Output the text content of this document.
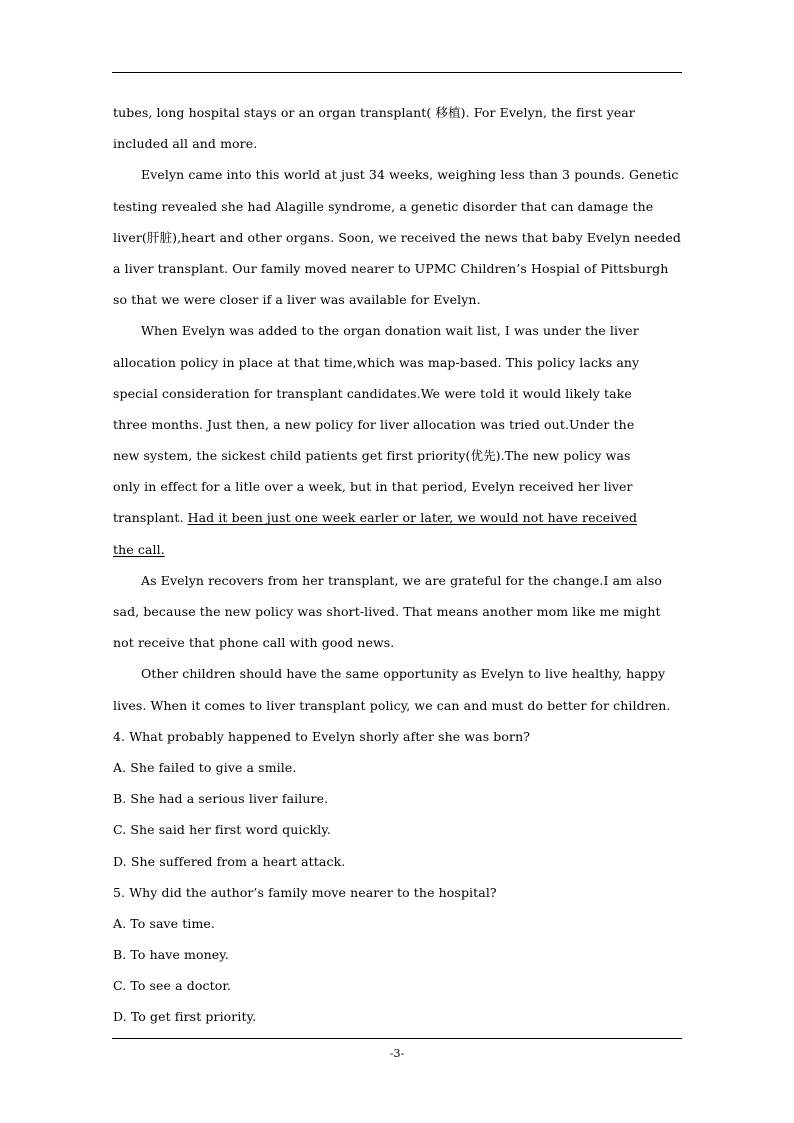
tubes, long hospital stays or an organ transplant( 移植). For Evelyn, the first year
included all and more.
Evelyn came into this world at just 34 weeks, weighing less than 3 pounds. Genetic
testing revealed she had Alagille syndrome, a genetic disorder that can damage the
liver(肝脏),heart and other organs. Soon, we received the news that baby Evelyn needed
a liver transplant. Our family moved nearer to UPMC Children’s Hospial of Pittsburgh
so that we were closer if a liver was available for Evelyn.
When Evelyn was added to the organ donation wait list, I was under the liver
allocation policy in place at that time,which was map-based. This policy lacks any
special consideration for transplant candidates.We were told it would likely take
three months. Just then, a new policy for liver allocation was tried out.Under the
new system, the sickest child patients get first priority(优先).The new policy was
only in effect for a litle over a week, but in that period, Evelyn received her liver
transplant. Had it been just one week earler or later, we would not have received
the call.
As Evelyn recovers from her transplant, we are grateful for the change.I am also
sad, because the new policy was short-lived. That means another mom like me might
not receive that phone call with good news.
Other children should have the same opportunity as Evelyn to live healthy, happy
lives. When it comes to liver transplant policy, we can and must do better for children.
4. What probably happened to Evelyn shorly after she was born?
A. She failed to give a smile.
B. She had a serious liver failure.
C. She said her first word quickly.
D. She suffered from a heart attack.
5. Why did the author’s family move nearer to the hospital?
A. To save time.
B. To have money.
C. To see a doctor.
D. To get first priority.
-3-
